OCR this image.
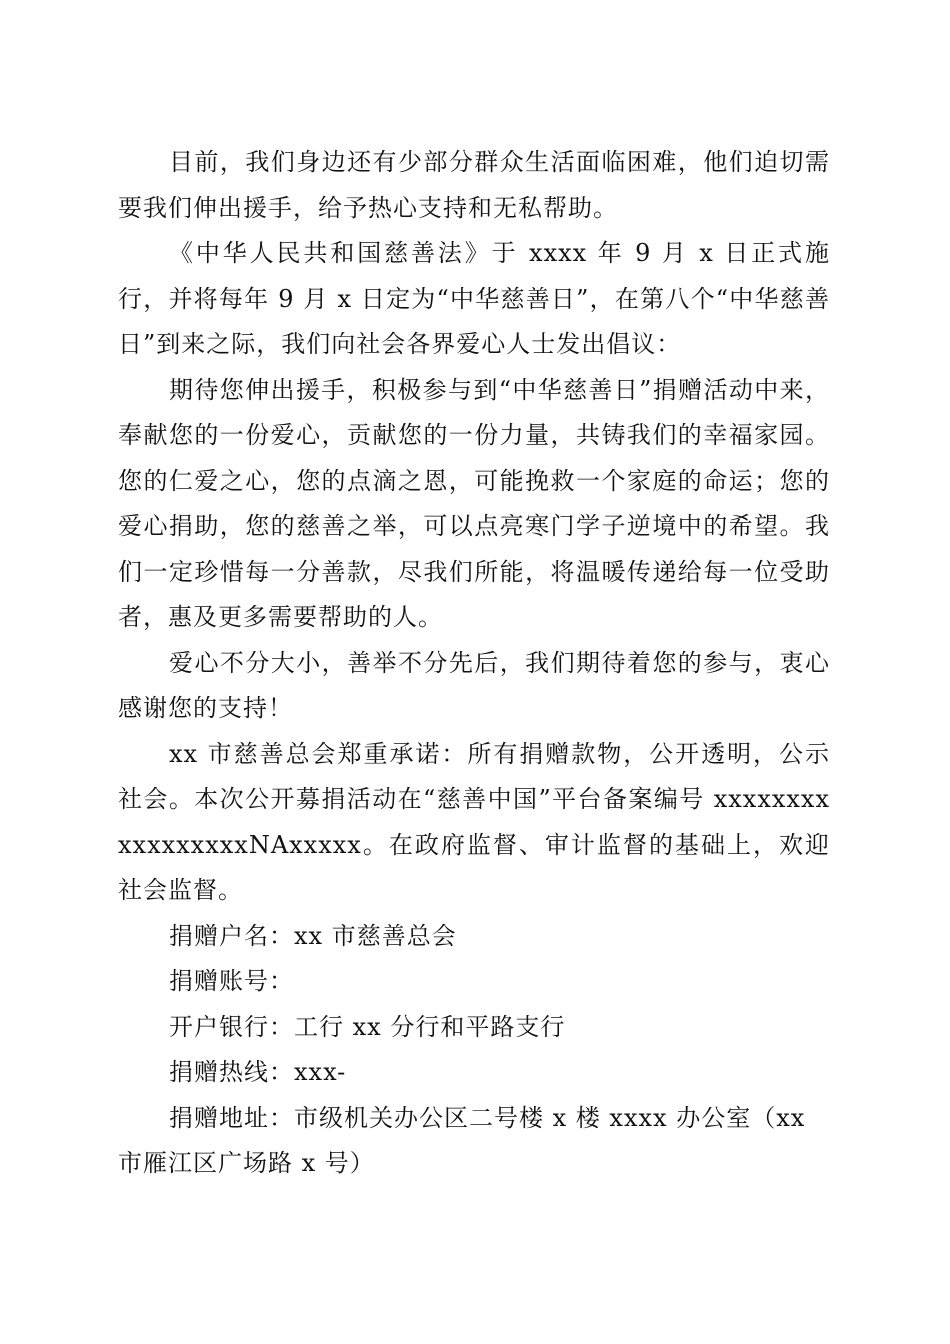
目前，我们身边还有少部分群众生活面临困难，他们迫切需要我们伸出援手，给予热心支持和无私帮助。

《中华人民共和国慈善法》于 xxxx 年 9 月 x 日正式施行，并将每年 9 月 x 日定为“中华慈善日”，在第八个“中华慈善日”到来之际，我们向社会各界爱心人士发出倡议：

期待您伸出援手，积极参与到“中华慈善日”捐赠活动中来，奉献您的一份爱心，贡献您的一份力量，共铸我们的幸福家园。您的仁爱之心，您的点滴之恩，可能挽救一个家庭的命运；您的爱心捐助，您的慈善之举，可以点亮寒门学子逆境中的希望。我们一定珍惜每一分善款，尽我们所能，将温暖传递给每一位受助者，惠及更多需要帮助的人。

爱心不分大小，善举不分先后，我们期待着您的参与，衷心感谢您的支持！

xx 市慈善总会郑重承诺：所有捐赠款物，公开透明，公示社会。本次公开募捐活动在“慈善中国”平台备案编号 xxxxxxxxxxxxxxxxxNAxxxxx。在政府监督、审计监督的基础上，欢迎社会监督。

捐赠户名：xx 市慈善总会

捐赠账号：

开户银行：工行 xx 分行和平路支行

捐赠热线：xxx-

捐赠地址：市级机关办公区二号楼 x 楼 xxxx 办公室（xx 市雁江区广场路 x 号）
